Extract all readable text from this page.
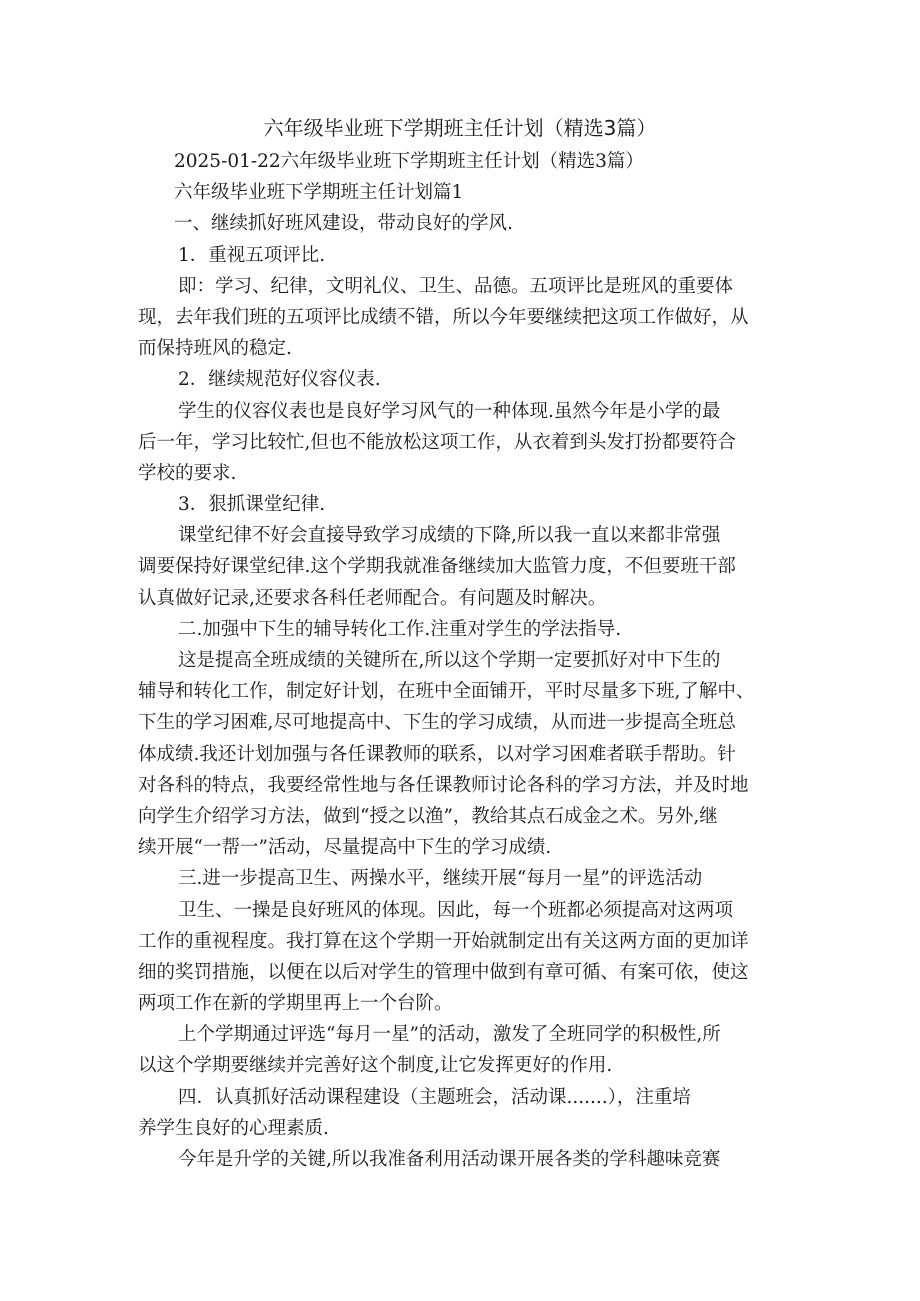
六年级毕业班下学期班主任计划（精选3篇）
2025-01-22六年级毕业班下学期班主任计划（精选3篇）
六年级毕业班下学期班主任计划篇1
一、继续抓好班风建设，带动良好的学风.
1．重视五项评比.
即：学习、纪律，文明礼仪、卫生、品德。五项评比是班风的重要体
现，去年我们班的五项评比成绩不错，所以今年要继续把这项工作做好，从
而保持班风的稳定.
2．继续规范好仪容仪表.
学生的仪容仪表也是良好学习风气的一种体现.虽然今年是小学的最
后一年，学习比较忙,但也不能放松这项工作，从衣着到头发打扮都要符合
学校的要求.
3．狠抓课堂纪律.
课堂纪律不好会直接导致学习成绩的下降,所以我一直以来都非常强
调要保持好课堂纪律.这个学期我就准备继续加大监管力度，不但要班干部
认真做好记录,还要求各科任老师配合。有问题及时解决。
二.加强中下生的辅导转化工作.注重对学生的学法指导.
这是提高全班成绩的关键所在,所以这个学期一定要抓好对中下生的
辅导和转化工作，制定好计划，在班中全面铺开，平时尽量多下班,了解中、
下生的学习困难,尽可地提高中、下生的学习成绩，从而进一步提高全班总
体成绩.我还计划加强与各任课教师的联系，以对学习困难者联手帮助。针
对各科的特点，我要经常性地与各任课教师讨论各科的学习方法，并及时地
向学生介绍学习方法，做到“授之以渔”，教给其点石成金之术。另外,继
续开展“一帮一”活动，尽量提高中下生的学习成绩.
三.进一步提高卫生、两操水平，继续开展“每月一星”的评选活动
卫生、一操是良好班风的体现。因此，每一个班都必须提高对这两项
工作的重视程度。我打算在这个学期一开始就制定出有关这两方面的更加详
细的奖罚措施，以便在以后对学生的管理中做到有章可循、有案可依，使这
两项工作在新的学期里再上一个台阶。
上个学期通过评选“每月一星”的活动，激发了全班同学的积极性,所
以这个学期要继续并完善好这个制度,让它发挥更好的作用.
四．认真抓好活动课程建设（主题班会，活动课.......），注重培
养学生良好的心理素质.
今年是升学的关键,所以我准备利用活动课开展各类的学科趣味竞赛
